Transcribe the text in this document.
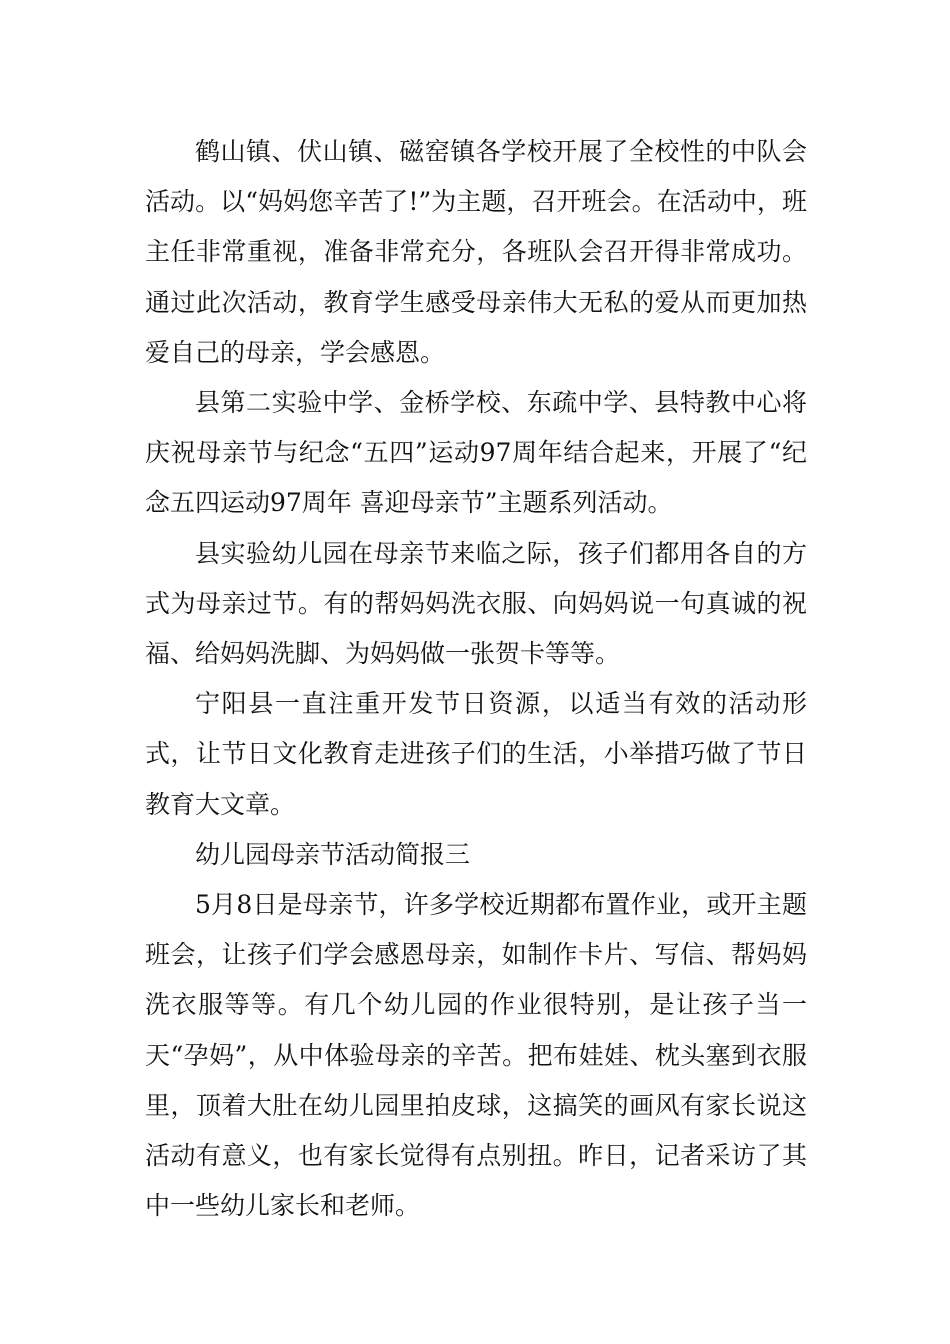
鹤山镇、伏山镇、磁窑镇各学校开展了全校性的中队会活动。以“妈妈您辛苦了!”为主题，召开班会。在活动中，班主任非常重视，准备非常充分，各班队会召开得非常成功。通过此次活动，教育学生感受母亲伟大无私的爱从而更加热爱自己的母亲，学会感恩。

县第二实验中学、金桥学校、东疏中学、县特教中心将庆祝母亲节与纪念“五四”运动97周年结合起来，开展了“纪念五四运动97周年 喜迎母亲节”主题系列活动。

县实验幼儿园在母亲节来临之际，孩子们都用各自的方式为母亲过节。有的帮妈妈洗衣服、向妈妈说一句真诚的祝福、给妈妈洗脚、为妈妈做一张贺卡等等。

宁阳县一直注重开发节日资源，以适当有效的活动形式，让节日文化教育走进孩子们的生活，小举措巧做了节日教育大文章。

幼儿园母亲节活动简报三

5月8日是母亲节，许多学校近期都布置作业，或开主题班会，让孩子们学会感恩母亲，如制作卡片、写信、帮妈妈洗衣服等等。有几个幼儿园的作业很特别，是让孩子当一天“孕妈”，从中体验母亲的辛苦。把布娃娃、枕头塞到衣服里，顶着大肚在幼儿园里拍皮球，这搞笑的画风有家长说这活动有意义，也有家长觉得有点别扭。昨日，记者采访了其中一些幼儿家长和老师。
